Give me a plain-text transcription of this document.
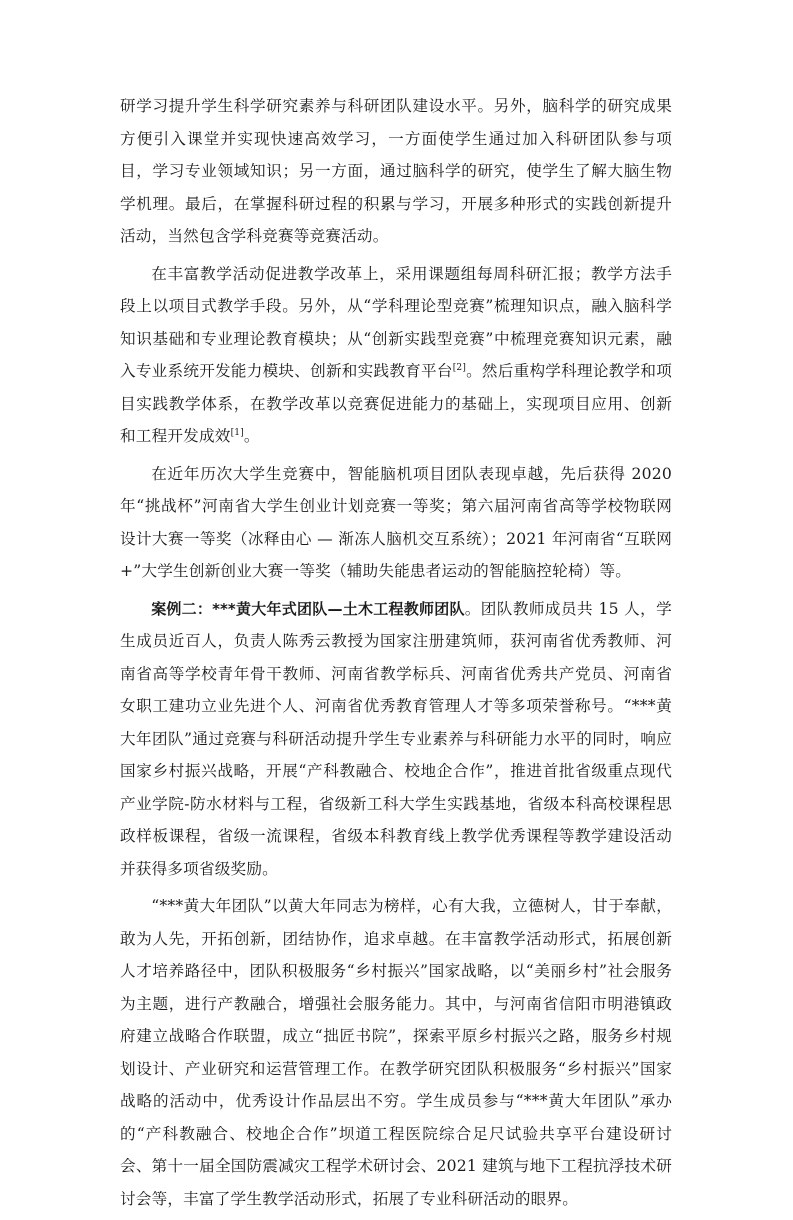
研学习提升学生科学研究素养与科研团队建设水平。另外，脑科学的研究成果方便引入课堂并实现快速高效学习，一方面使学生通过加入科研团队参与项目，学习专业领域知识；另一方面，通过脑科学的研究，使学生了解大脑生物学机理。最后，在掌握科研过程的积累与学习，开展多种形式的实践创新提升活动，当然包含学科竞赛等竞赛活动。

在丰富教学活动促进教学改革上，采用课题组每周科研汇报；教学方法手段上以项目式教学手段。另外，从“学科理论型竞赛”梳理知识点，融入脑科学知识基础和专业理论教育模块；从“创新实践型竞赛”中梳理竞赛知识元素，融入专业系统开发能力模块、创新和实践教育平台[2]。然后重构学科理论教学和项目实践教学体系，在教学改革以竞赛促进能力的基础上，实现项目应用、创新和工程开发成效[1]。

在近年历次大学生竞赛中，智能脑机项目团队表现卓越，先后获得 2020 年“挑战杯”河南省大学生创业计划竞赛一等奖；第六届河南省高等学校物联网设计大赛一等奖（冰释由心 — 渐冻人脑机交互系统）；2021 年河南省“互联网+”大学生创新创业大赛一等奖（辅助失能患者运动的智能脑控轮椅）等。

案例二：***黄大年式团队—土木工程教师团队。团队教师成员共 15 人，学生成员近百人，负责人陈秀云教授为国家注册建筑师，获河南省优秀教师、河南省高等学校青年骨干教师、河南省教学标兵、河南省优秀共产党员、河南省女职工建功立业先进个人、河南省优秀教育管理人才等多项荣誉称号。“***黄大年团队”通过竞赛与科研活动提升学生专业素养与科研能力水平的同时，响应国家乡村振兴战略，开展“产科教融合、校地企合作”，推进首批省级重点现代产业学院-防水材料与工程，省级新工科大学生实践基地，省级本科高校课程思政样板课程，省级一流课程，省级本科教育线上教学优秀课程等教学建设活动并获得多项省级奖励。

“***黄大年团队”以黄大年同志为榜样，心有大我，立德树人，甘于奉献，敢为人先，开拓创新，团结协作，追求卓越。在丰富教学活动形式，拓展创新人才培养路径中，团队积极服务“乡村振兴”国家战略，以“美丽乡村”社会服务为主题，进行产教融合，增强社会服务能力。其中，与河南省信阳市明港镇政府建立战略合作联盟，成立“拙匠书院”，探索平原乡村振兴之路，服务乡村规划设计、产业研究和运营管理工作。在教学研究团队积极服务“乡村振兴”国家战略的活动中，优秀设计作品层出不穷。学生成员参与“***黄大年团队”承办的“产科教融合、校地企合作”坝道工程医院综合足尺试验共享平台建设研讨会、第十一届全国防震减灾工程学术研讨会、2021 建筑与地下工程抗浮技术研讨会等，丰富了学生教学活动形式，拓展了专业科研活动的眼界。
